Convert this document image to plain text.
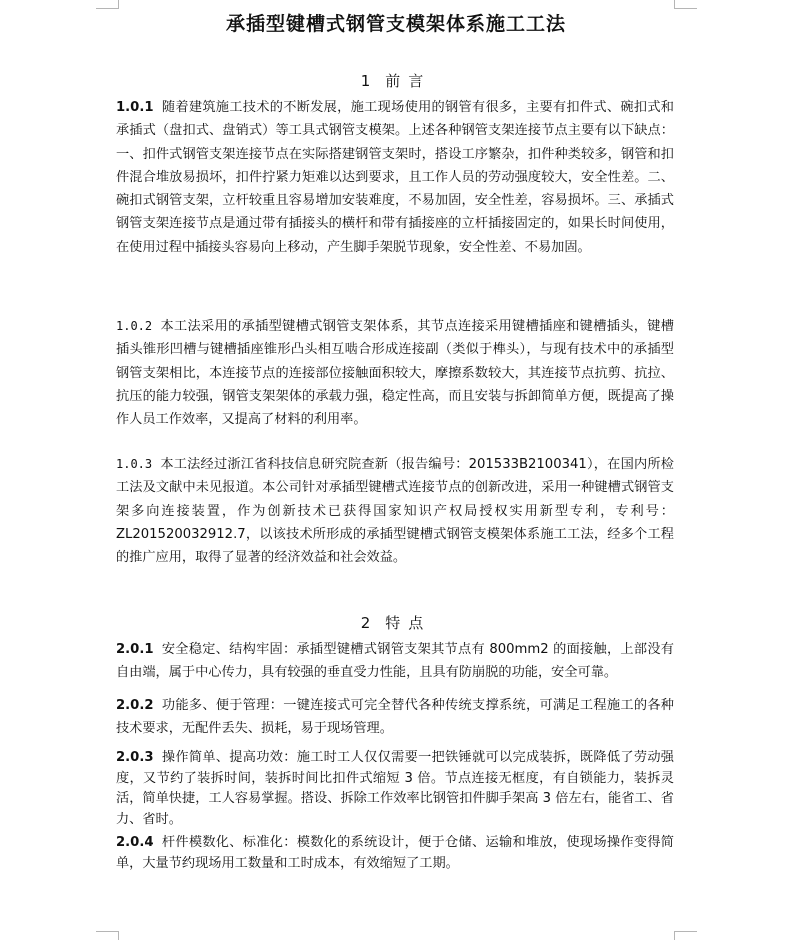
承插型键槽式钢管支模架体系施工工法
1 前言
1.0.1 随着建筑施工技术的不断发展，施工现场使用的钢管有很多，主要有扣件式、碗扣式和承插式（盘扣式、盘销式）等工具式钢管支模架。上述各种钢管支架连接节点主要有以下缺点：一、扣件式钢管支架连接节点在实际搭建钢管支架时，搭设工序繁杂，扣件种类较多，钢管和扣件混合堆放易损坏，扣件拧紧力矩难以达到要求，且工作人员的劳动强度较大，安全性差。二、碗扣式钢管支架，立杆较重且容易增加安装难度，不易加固，安全性差，容易损坏。三、承插式钢管支架连接节点是通过带有插接头的横杆和带有插接座的立杆插接固定的，如果长时间使用，在使用过程中插接头容易向上移动，产生脚手架脱节现象，安全性差、不易加固。
1.0.2 本工法采用的承插型键槽式钢管支架体系，其节点连接采用键槽插座和键槽插头，键槽插头锥形凹槽与键槽插座锥形凸头相互啮合形成连接副（类似于榫头），与现有技术中的承插型钢管支架相比，本连接节点的连接部位接触面积较大，摩擦系数较大，其连接节点抗剪、抗拉、抗压的能力较强，钢管支架架体的承载力强，稳定性高，而且安装与拆卸简单方便，既提高了操作人员工作效率，又提高了材料的利用率。
1.0.3 本工法经过浙江省科技信息研究院查新（报告编号：201533B2100341），在国内所检工法及文献中未见报道。本公司针对承插型键槽式连接节点的创新改进，采用一种键槽式钢管支架多向连接装置，作为创新技术已获得国家知识产权局授权实用新型专利，专利号：ZL201520032912.7，以该技术所形成的承插型键槽式钢管支模架体系施工工法，经多个工程的推广应用，取得了显著的经济效益和社会效益。
2 特点
2.0.1 安全稳定、结构牢固：承插型键槽式钢管支架其节点有 800mm2 的面接触，上部没有自由端，属于中心传力，具有较强的垂直受力性能，且具有防崩脱的功能，安全可靠。
2.0.2 功能多、便于管理：一键连接式可完全替代各种传统支撑系统，可满足工程施工的各种技术要求，无配件丢失、损耗，易于现场管理。
2.0.3 操作简单、提高功效：施工时工人仅仅需要一把铁锤就可以完成装拆，既降低了劳动强度，又节约了装拆时间，装拆时间比扣件式缩短 3 倍。节点连接无框度，有自锁能力，装拆灵活，简单快捷，工人容易掌握。搭设、拆除工作效率比钢管扣件脚手架高 3 倍左右，能省工、省力、省时。
2.0.4 杆件模数化、标准化：模数化的系统设计，便于仓储、运输和堆放，使现场操作变得简单，大量节约现场用工数量和工时成本，有效缩短了工期。
